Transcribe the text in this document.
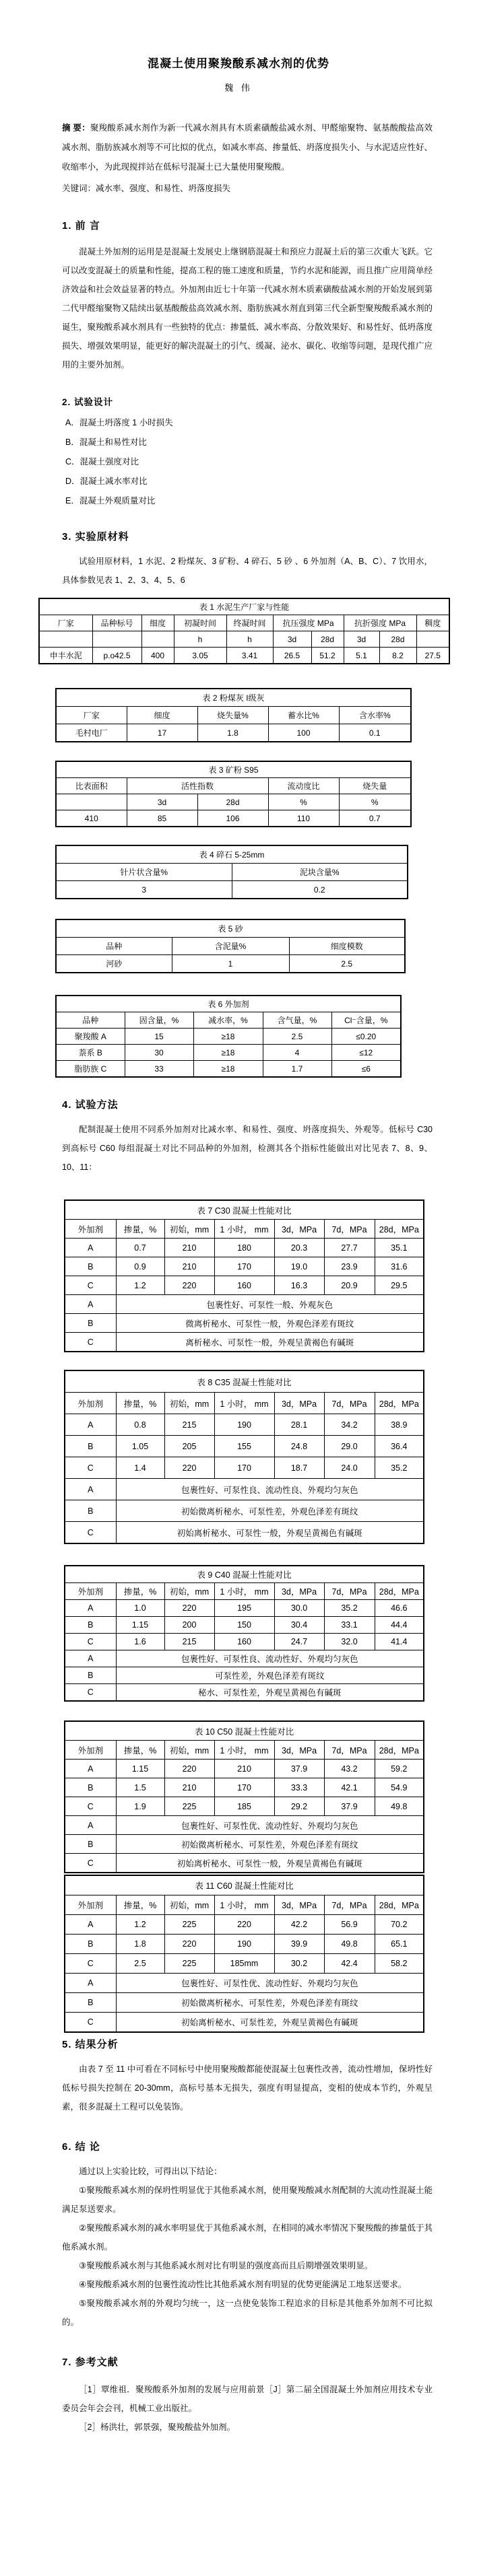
混凝土使用聚羧酸系减水剂的优势

魏 伟

摘 要：聚羧酸系减水剂作为新一代减水剂具有木质素磺酸盐减水剂、甲醛缩聚物、氨基酸酸盐高效减水剂、脂肪族减水剂等不可比拟的优点，如减水率高、掺量低、坍落度损失小、与水泥适应性好、收缩率小，为此现搅拌站在低标号混凝土已大量使用聚羧酸。

关键词：减水率、强度、和易性、坍落度损失

1. 前 言

混凝土外加剂的运用是是混凝土发展史上继钢筋混凝土和预应力混凝土后的第三次重大飞跃。它可以改变混凝土的质量和性能，提高工程的施工速度和质量，节约水泥和能源，而且推广应用简单经济效益和社会效益显著的特点。外加剂由近七十年第一代减水剂木质素磺酸盐减水剂的开始发展到第二代甲醛缩聚物又陆续出氨基酸酸盐高效减水剂、脂肪族减水剂直到第三代全新型聚羧酸系减水剂的诞生，聚羧酸系减水剂具有一些独特的优点：掺量低、减水率高、分散效果好、和易性好、低坍落度损失、增强效果明显，能更好的解决混凝土的引气、缓凝、泌水、碳化、收缩等问题，是现代推广应用的主要外加剂。

2. 试验设计

A．混凝土坍落度 1 小时损失

B．混凝土和易性对比

C．混凝土强度对比

D．混凝土减水率对比

E．混凝土外观质量对比

3. 实验原材料

试验用原材料，1 水泥、2 粉煤灰、3 矿粉、4 碎石、5 砂 、6 外加剂（A、B、C）、7 饮用水，具体参数见表 1、2、3、4、5、6

表 1 水泥生产厂家与性能									
厂家	品种标号	细度	初凝时间	终凝时间	抗压强度 MPa		抗折强度 MPa		稠度
			h	h	3d	28d	3d	28d	
申丰水泥	p.o42.5	400	3.05	3.41	26.5	51.2	5.1	8.2	27.5
表 2 粉煤灰 I级灰				
厂家	细度	烧失量%	蓄水比%	含水率%
毛村电厂	17	1.8	100	0.1
表 3 矿粉 S95				
比表面积	活性指数		流动度比	烧失量
	3d	28d	%	%
410	85	106	110	0.7
表 4 碎石 5-25mm	
针片状含量%	泥块含量%
3	0.2
表 5 砂		
品种	含泥量%	细度模数
河砂	1	2.5
表 6 外加剂				
品种	固含量，%	减水率，%	含气量，%	Cl⁻含量，%
聚羧酸 A	15	≥18	2.5	≤0.20
萘系 B	30	≥18	4	≤12
脂肪族 C	33	≥18	1.7	≤6

4. 试验方法

配制混凝土使用不同系外加剂对比减水率、和易性、强度、坍落度损失、外观等。低标号 C30 到高标号 C60 每组混凝土对比不同品种的外加剂，检测其各个指标性能做出对比见表 7、8、9、10、11：

表 7 C30 混凝土性能对比						
外加剂	掺量，%	初始，mm	1 小时， mm	3d，MPa	7d，MPa	28d，MPa
A	0.7	210	180	20.3	27.7	35.1
B	0.9	210	170	19.0	23.9	31.6
C	1.2	220	160	16.3	20.9	29.5
A	包裹性好、可泵性一般、外观灰色					
B	微离析秘水、可泵性一般，外观色泽差有斑纹					
C	离析秘水、可泵性一般，外观呈黄褐色有碱斑					
表 8 C35 混凝土性能对比						
外加剂	掺量，%	初始，mm	1 小时， mm	3d，MPa	7d，MPa	28d，MPa
A	0.8	215	190	28.1	34.2	38.9
B	1.05	205	155	24.8	29.0	36.4
C	1.4	220	170	18.7	24.0	35.2
A	包裹性好、可泵性良、流动性良、外观均匀灰色					
B	初始微离析秘水、可泵性差，外观色泽差有斑纹					
C	初始离析秘水、可泵性一般，外观呈黄褐色有碱斑					
表 9 C40 混凝土性能对比						
外加剂	掺量，%	初始，mm	1 小时， mm	3d，MPa	7d，MPa	28d，MPa
A	1.0	220	195	30.0	35.2	46.6
B	1.15	200	150	30.4	33.1	44.4
C	1.6	215	160	24.7	32.0	41.4
A	包裹性好、可泵性良、流动性好、外观均匀灰色					
B	可泵性差，外观色泽差有斑纹					
C	秘水、可泵性差，外观呈黄褐色有碱斑					
表 10 C50 混凝土性能对比						
外加剂	掺量，%	初始，mm	1 小时， mm	3d，MPa	7d，MPa	28d，MPa
A	1.15	220	210	37.9	43.2	59.2
B	1.5	210	170	33.3	42.1	54.9
C	1.9	225	185	29.2	37.9	49.8
A	包裹性好、可泵性优、流动性好、外观均匀灰色					
B	初始微离析秘水、可泵性差，外观色泽差有斑纹					
C	初始离析秘水、可泵性一般，外观呈黄褐色有碱斑					
表 11 C60 混凝土性能对比						
外加剂	掺量，%	初始，mm	1 小时， mm	3d，MPa	7d，MPa	28d，MPa
A	1.2	225	220	42.2	56.9	70.2
B	1.8	220	190	39.9	49.8	65.1
C	2.5	225	185mm	30.2	42.4	58.2
A	包裹性好、可泵性优、流动性好、外观均匀灰色					
B	初始微离析秘水、可泵性差，外观色泽差有斑纹					
C	初始离析秘水、可泵性差，外观呈黄褐色有碱斑					

5. 结果分析

由表 7 至 11 中可看在不同标号中使用聚羧酸都能使混凝土包裹性改善，流动性增加，保坍性好低标号损失控制在 20-30mm，高标号基本无损失，强度有明显提高，变相的使成本节约，外观呈素，很多混凝土工程可以免装饰。

6. 结 论

通过以上实验比较，可得出以下结论：

①聚羧酸系减水剂的保坍性明显优于其他系减水剂，使用聚羧酸减水剂配制的大流动性混凝土能满足泵送要求。

②聚羧酸系减水剂的减水率明显优于其他系减水剂，在相同的减水率情况下聚羧酸的掺量低于其他系减水剂。

③聚羧酸系减水剂与其他系减水剂对比有明显的强度高而且后期增强效果明显。

④聚羧酸系减水剂的包裹性流动性比其他系减水剂有明显的优势更能满足工地泵送要求。

⑤聚羧酸系减水剂的外观均匀统一，这一点使免装饰工程追求的目标是其他系外加剂不可比拟的。

7. 参考文献

［1］覃维祖．聚羧酸系外加剂的发展与应用前景［J］第二届全国混凝土外加剂应用技术专业委员会年会会刊，机械工业出版社。

［2］杨洪壮，郭景强，聚羧酸盐外加剂。
